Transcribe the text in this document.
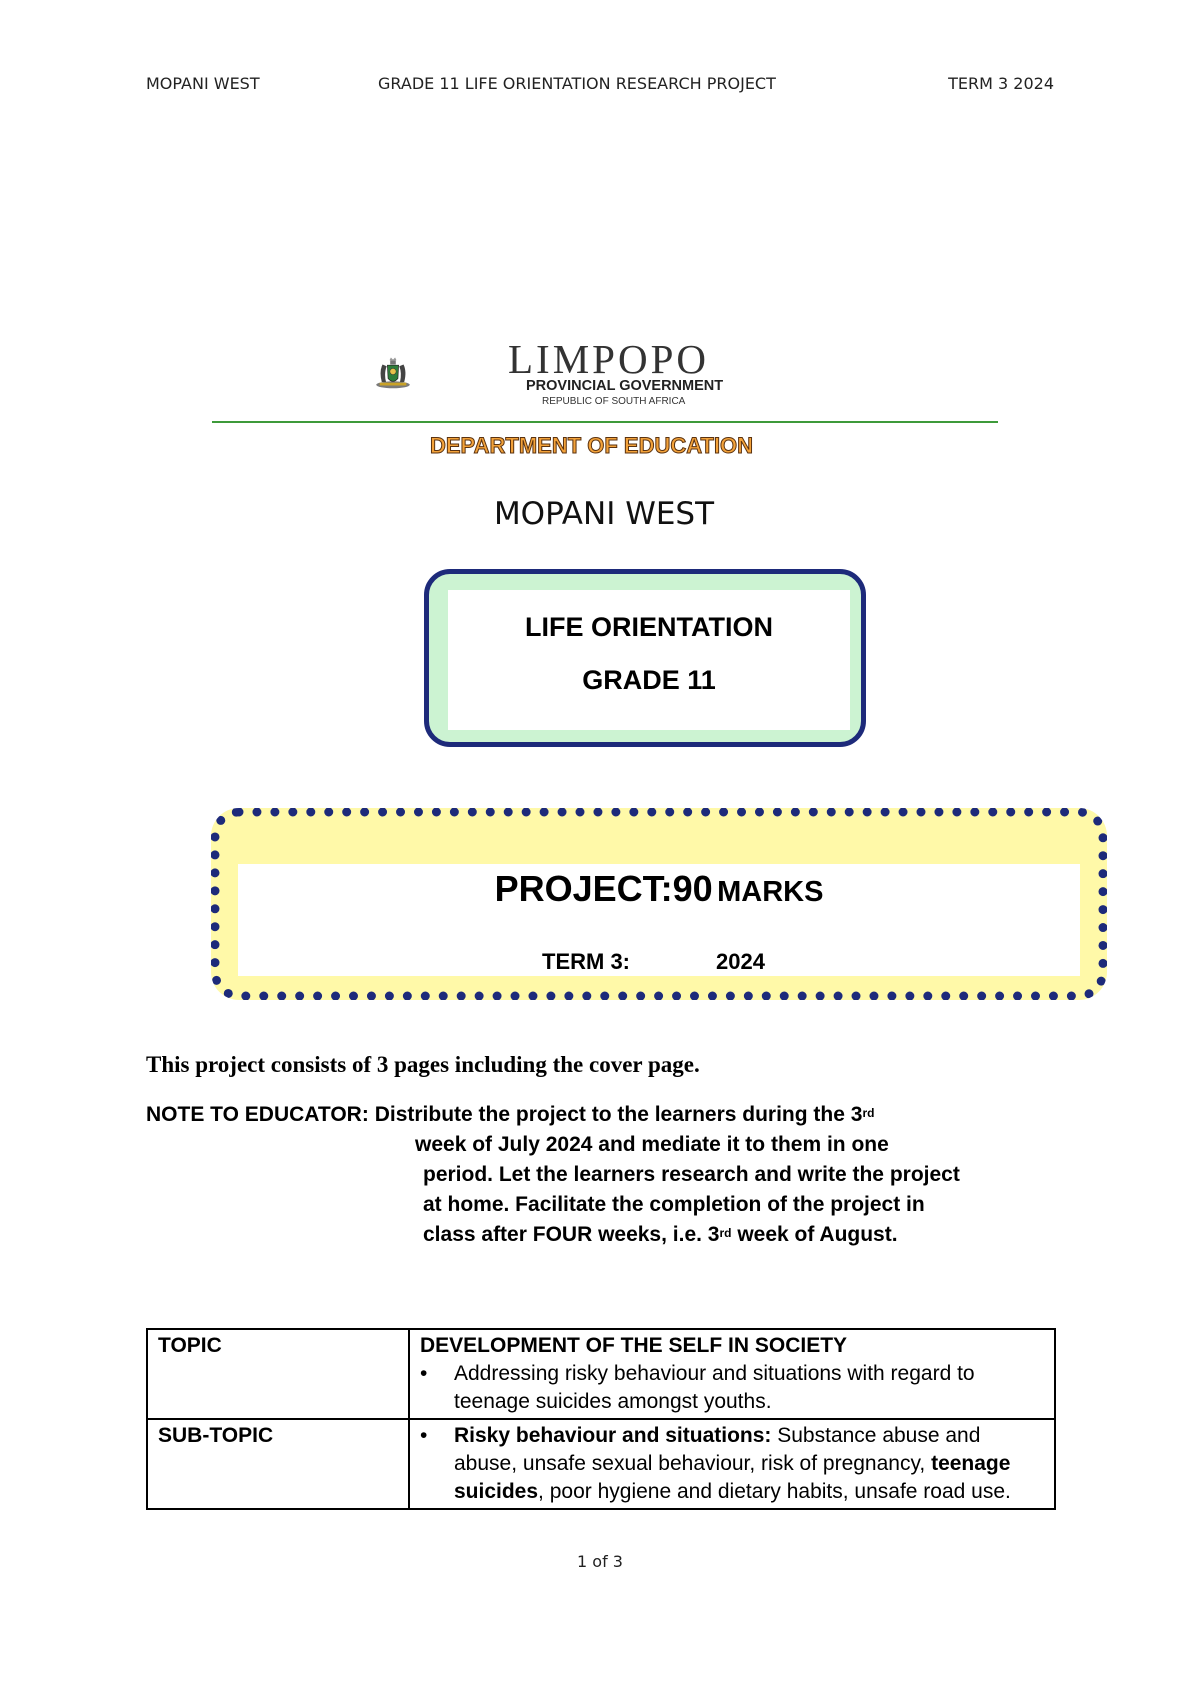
MOPANI WEST	GRADE 11 LIFE ORIENTATION RESEARCH PROJECT	TERM 3 2024
LIMPOPO
PROVINCIAL GOVERNMENT
REPUBLIC OF SOUTH AFRICA
DEPARTMENT OF EDUCATION
MOPANI WEST
LIFE ORIENTATION
GRADE 11
PROJECT:90 MARKS
TERM 3:	2024
This project consists of 3 pages including the cover page.
NOTE TO EDUCATOR: Distribute the project to the learners during the 3rd
week of July 2024 and mediate it to them in one
period. Let the learners research and write the project
at home. Facilitate the completion of the project in
class after FOUR weeks, i.e. 3rd week of August.
TOPIC	DEVELOPMENT OF THE SELF IN SOCIETY
• Addressing risky behaviour and situations with regard to teenage suicides amongst youths.

SUB-TOPIC	• Risky behaviour and situations: Substance abuse and abuse, unsafe sexual behaviour, risk of pregnancy, teenage suicides, poor hygiene and dietary habits, unsafe road use.
1 of 3
